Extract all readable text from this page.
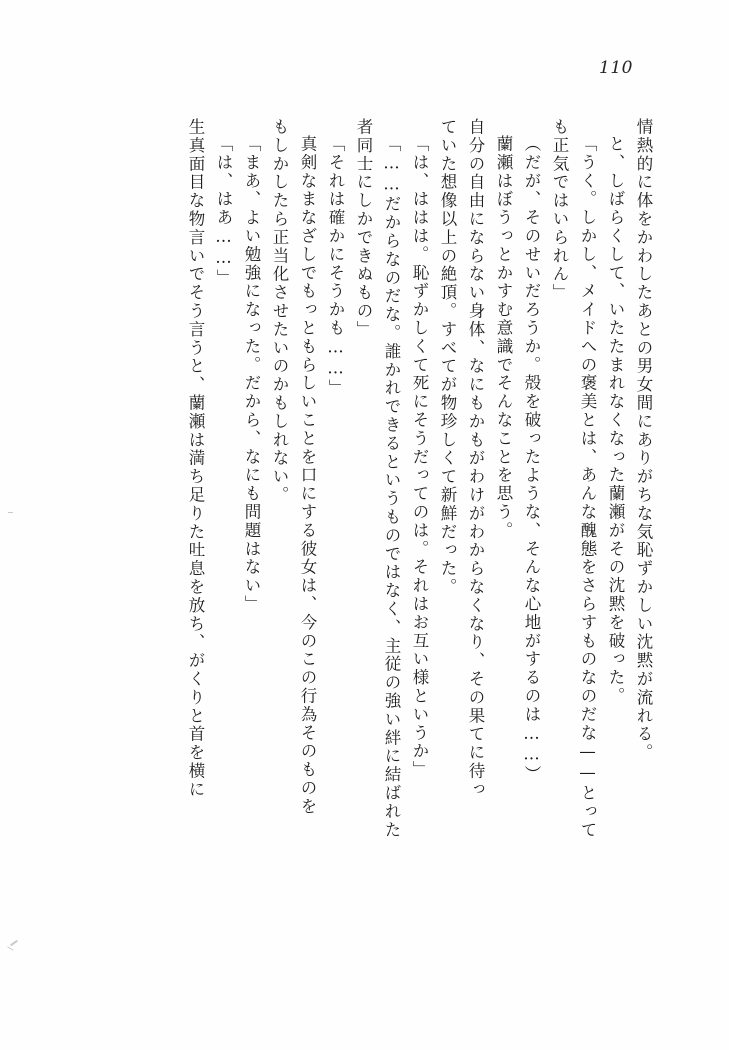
110
生真面目な物言いでそう言うと、蘭瀬は満ち足りた吐息を放ち、がくりと首を横に 「は、はあ……」 「まあ、よい勉強になった。だから、なにも問題はない」 もしかしたら正当化させたいのかもしれない。 真剣なまなざしでもっともらしいことを口にする彼女は、今のこの行為そのものを 「それは確かにそうかも……」 者同士にしかできぬもの」 「……だからなのだな。誰かれできるというものではなく、主従の強い絆に結ばれた 「は、ははは。恥ずかしくて死にそうだってのは。それはお互い様というか」 ていた想像以上の絶頂。すべてが物珍しくて新鮮だった。 自分の自由にならない身体、なにもかもがわけがわからなくなり、その果てに待っ 蘭瀬はぼうっとかすむ意識でそんなことを思う。 （だが、そのせいだろうか。殻を破ったような、そんな心地がするのは……） も正気ではいられん」 「うく。しかし、メイドへの褒美とは、あんな醜態をさらすものなのだな——とって と、しばらくして、いたたまれなくなった蘭瀬がその沈黙を破った。 情熱的に体をかわしたあとの男女間にありがちな気恥ずかしい沈黙が流れる。
